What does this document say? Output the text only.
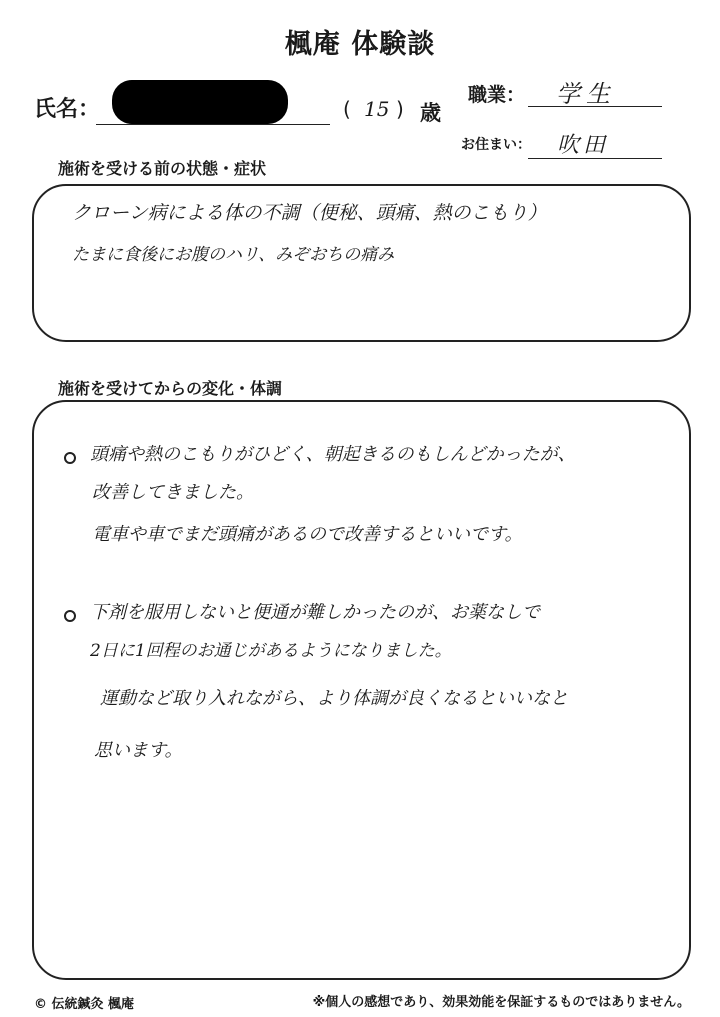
楓庵 体験談
氏名：	( 15 ) 歳
職業： 学生
お住まい： 吹田
施術を受ける前の状態・症状
クローン病による体の不調（便秘、頭痛、熱のこもり）
たまに食後にお腹のハリ、みぞおちの痛み
施術を受けてからの変化・体調
頭痛や熱のこもりがひどく、朝起きるのもしんどかったが、
改善してきました。
電車や車でまだ頭痛があるので改善するといいです。
下剤を服用しないと便通が難しかったのが、お薬なしで
2日に1回程のお通じがあるようになりました。
運動など取り入れながら、より体調が良くなるといいなと
思います。
© 伝統鍼灸 楓庵	※個人の感想であり、効果効能を保証するものではありません。
